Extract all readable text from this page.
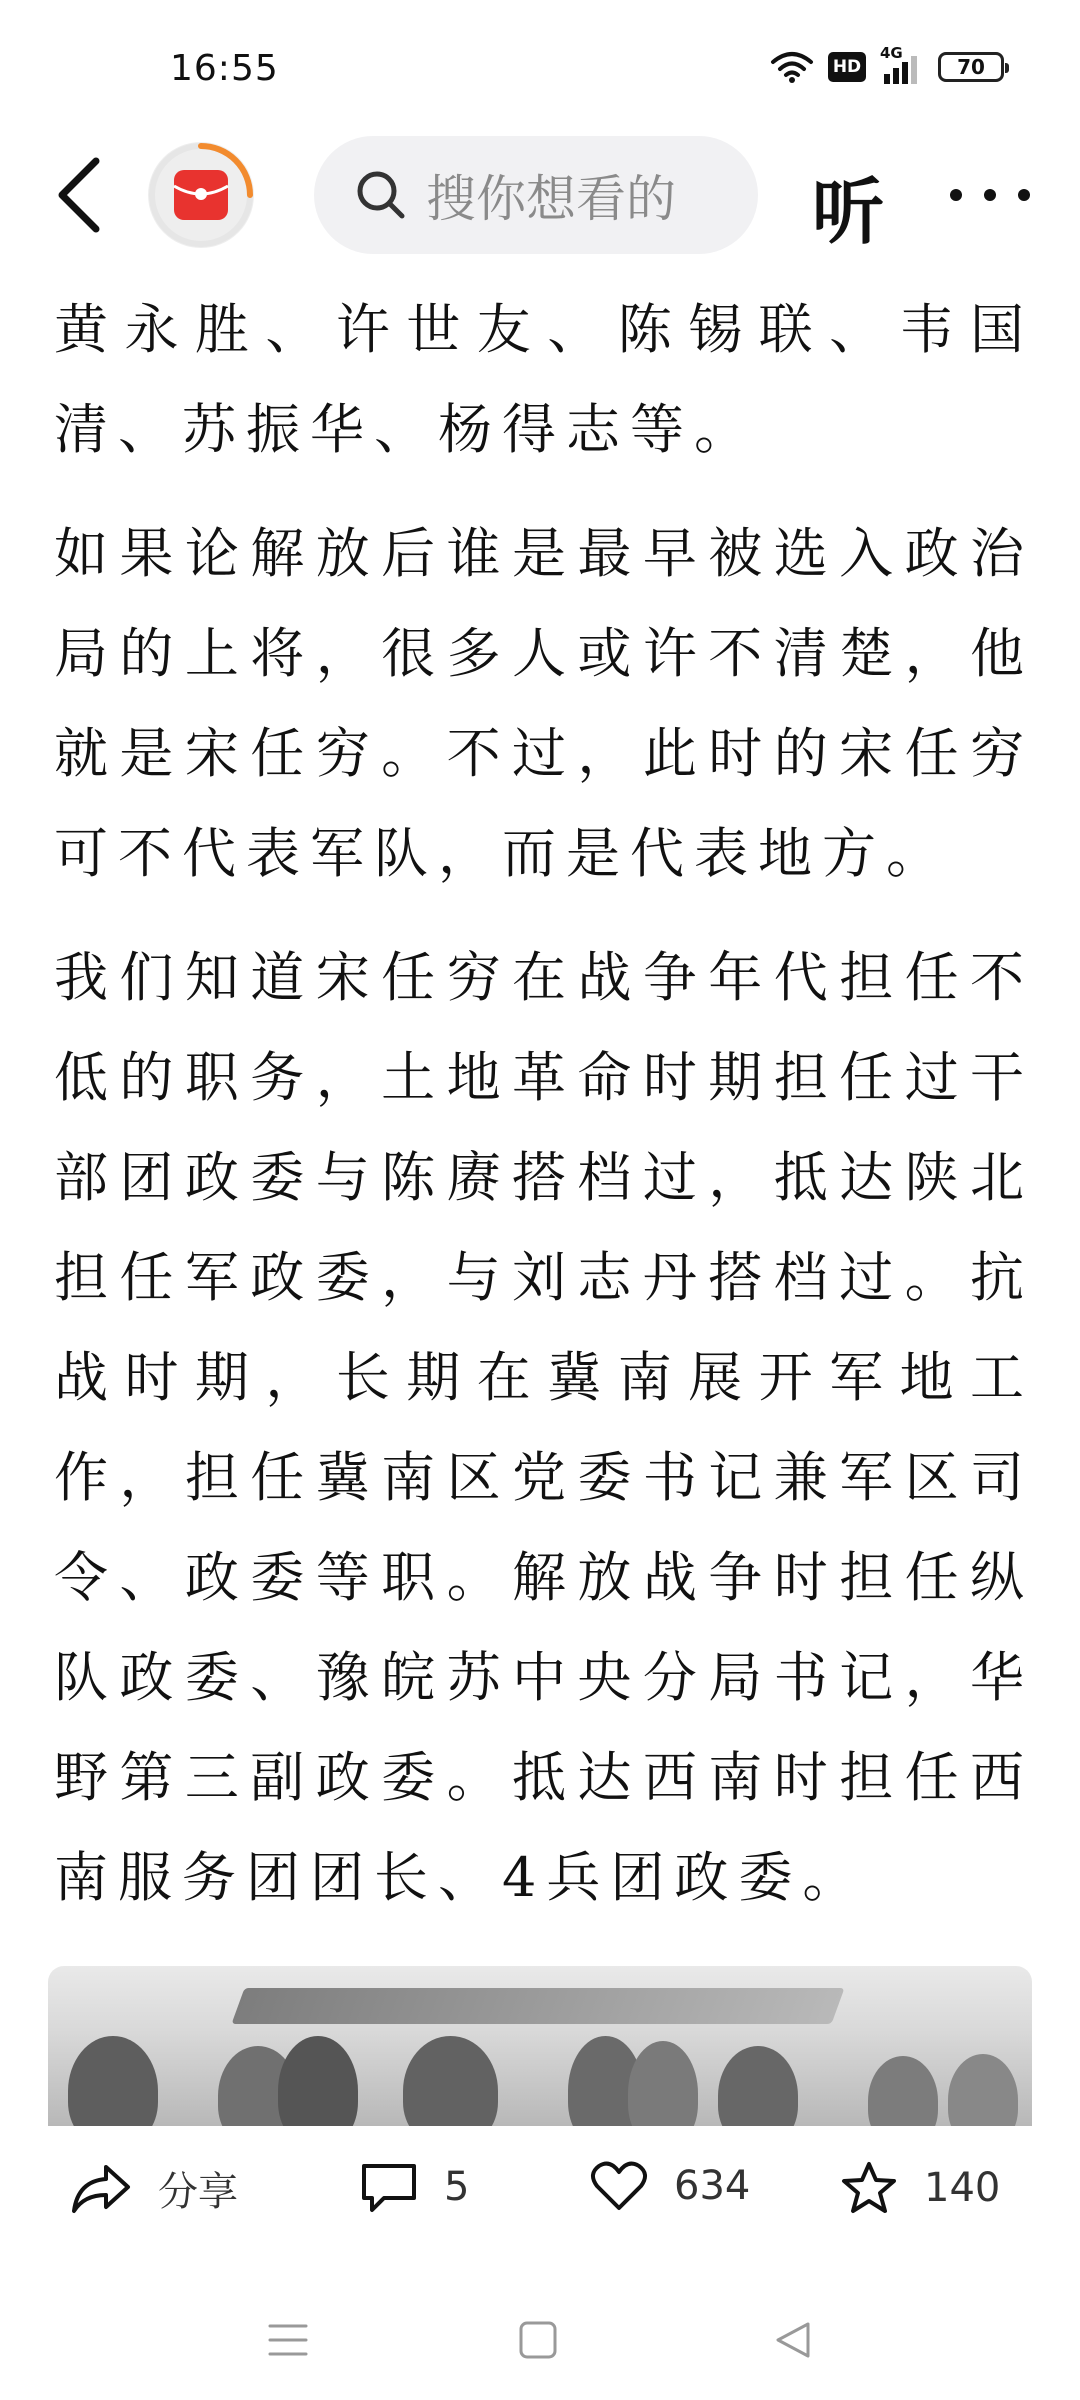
16:55	HD
4G
70
搜你想看的 听

黄永胜、许世友、陈锡联、韦国清、苏振华、杨得志等。

如果论解放后谁是最早被选入政治局的上将，很多人或许不清楚，他就是宋任穷。不过，此时的宋任穷可不代表军队，而是代表地方。

我们知道宋任穷在战争年代担任不低的职务，土地革命时期担任过干部团政委与陈赓搭档过，抵达陕北担任军政委，与刘志丹搭档过。抗战时期，长期在冀南展开军地工作，担任冀南区党委书记兼军区司令、政委等职。解放战争时担任纵队政委、豫皖苏中央分局书记，华野第三副政委。抵达西南时担任西南服务团团长、4兵团政委。

分享	5	634	140
